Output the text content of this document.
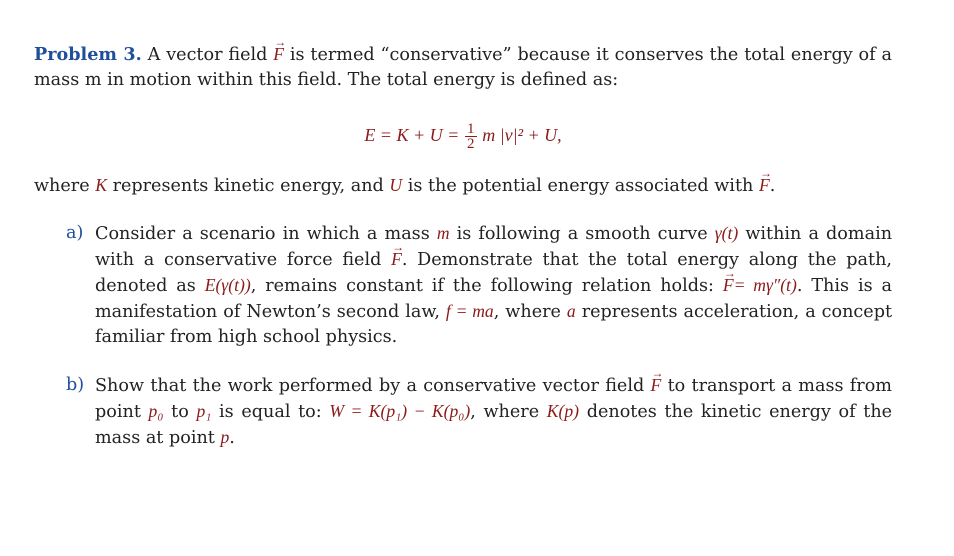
Problem 3. A vector field → F is termed “conservative” because it conserves the total energy of a mass m in motion within this field. The total energy is defined as:

$E = K + U = \frac{1}{2}$ m |v|² + U,

where K represents kinetic energy, and U is the potential energy associated with → F.

a) Consider a scenario in which a mass m is following a smooth curve γ(t) within a domain with a conservative force field → F. Demonstrate that the total energy along the path, denoted as E(γ(t)), remains constant if the following relation holds: → F= mγ″(t). This is a manifestation of Newton’s second law, f = ma, where a represents acceleration, a concept familiar from high school physics.
b) Show that the work performed by a conservative vector field → F to transport a mass from point p₀ to p₁ is equal to: W = K(p₁) − K(p₀), where K(p) denotes the kinetic energy of the mass at point p.
